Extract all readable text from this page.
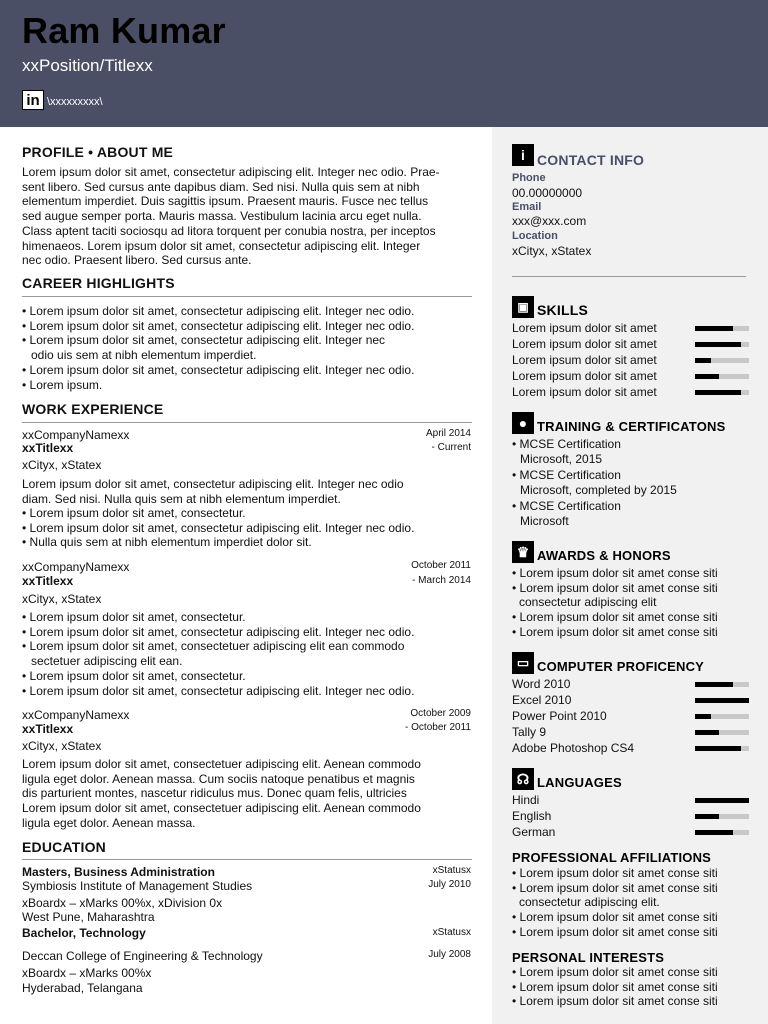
Ram Kumar
xxPosition/Titlexx
in \xxxxxxxxx\
PROFILE • ABOUT ME
Lorem ipsum dolor sit amet, consectetur adipiscing elit. Integer nec odio. Prae-
sent libero. Sed cursus ante dapibus diam. Sed nisi. Nulla quis sem at nibh
elementum imperdiet. Duis sagittis ipsum. Praesent mauris. Fusce nec tellus
sed augue semper porta. Mauris massa. Vestibulum lacinia arcu eget nulla.
Class aptent taciti sociosqu ad litora torquent per conubia nostra, per inceptos
himenaeos. Lorem ipsum dolor sit amet, consectetur adipiscing elit. Integer
nec odio. Praesent libero. Sed cursus ante.
CAREER HIGHLIGHTS
• Lorem ipsum dolor sit amet, consectetur adipiscing elit. Integer nec odio.
• Lorem ipsum dolor sit amet, consectetur adipiscing elit. Integer nec odio.
• Lorem ipsum dolor sit amet, consectetur adipiscing elit. Integer nec

odio uis sem at nibh elementum imperdiet.

• Lorem ipsum dolor sit amet, consectetur adipiscing elit. Integer nec odio.
• Lorem ipsum.
WORK EXPERIENCE
xxCompanyNamexx	April 2014
xxTitlexx	- Current
xCityx, xStatex
Lorem ipsum dolor sit amet, consectetur adipiscing elit. Integer nec odio
diam. Sed nisi. Nulla quis sem at nibh elementum imperdiet.
• Lorem ipsum dolor sit amet, consectetur.
• Lorem ipsum dolor sit amet, consectetur adipiscing elit. Integer nec odio.
• Nulla quis sem at nibh elementum imperdiet dolor sit.
xxCompanyNamexx	October 2011
xxTitlexx	- March 2014
xCityx, xStatex
• Lorem ipsum dolor sit amet, consectetur.
• Lorem ipsum dolor sit amet, consectetur adipiscing elit. Integer nec odio.
• Lorem ipsum dolor sit amet, consectetuer adipiscing elit ean commodo

sectetuer adipiscing elit ean.

• Lorem ipsum dolor sit amet, consectetur.
• Lorem ipsum dolor sit amet, consectetur adipiscing elit. Integer nec odio.
xxCompanyNamexx	October 2009
xxTitlexx	- October 2011
xCityx, xStatex
Lorem ipsum dolor sit amet, consectetuer adipiscing elit. Aenean commodo
ligula eget dolor. Aenean massa. Cum sociis natoque penatibus et magnis
dis parturient montes, nascetur ridiculus mus. Donec quam felis, ultricies
Lorem ipsum dolor sit amet, consectetuer adipiscing elit. Aenean commodo
ligula eget dolor. Aenean massa.
EDUCATION
Masters, Business Administration	xStatusx
Symbiosis Institute of Management Studies	July 2010
xBoardx – xMarks 00%x, xDivision 0x
West Pune, Maharashtra
Bachelor, Technology	xStatusx
Deccan College of Engineering & Technology	July 2008
xBoardx – xMarks 00%x
Hyderabad, Telangana
i CONTACT INFO
Phone
00.00000000
Email
xxx@xxx.com
Location
xCityx, xStatex
▣ SKILLS
Lorem ipsum dolor sit amet
Lorem ipsum dolor sit amet
Lorem ipsum dolor sit amet
Lorem ipsum dolor sit amet
Lorem ipsum dolor sit amet
● TRAINING & CERTIFICATONS
• MCSE Certification
Microsoft, 2015
• MCSE Certification
Microsoft, completed by 2015
• MCSE Certification
Microsoft
♛ AWARDS & HONORS
• Lorem ipsum dolor sit amet conse siti
• Lorem ipsum dolor sit amet conse siti
consectetur adipiscing elit
• Lorem ipsum dolor sit amet conse siti
• Lorem ipsum dolor sit amet conse siti
▭ COMPUTER PROFICENCY
Word 2010
Excel 2010
Power Point 2010
Tally 9
Adobe Photoshop CS4
☊ LANGUAGES
Hindi
English
German
PROFESSIONAL AFFILIATIONS
• Lorem ipsum dolor sit amet conse siti
• Lorem ipsum dolor sit amet conse siti
consectetur adipiscing elit.
• Lorem ipsum dolor sit amet conse siti
• Lorem ipsum dolor sit amet conse siti
PERSONAL INTERESTS
• Lorem ipsum dolor sit amet conse siti
• Lorem ipsum dolor sit amet conse siti
• Lorem ipsum dolor sit amet conse siti
